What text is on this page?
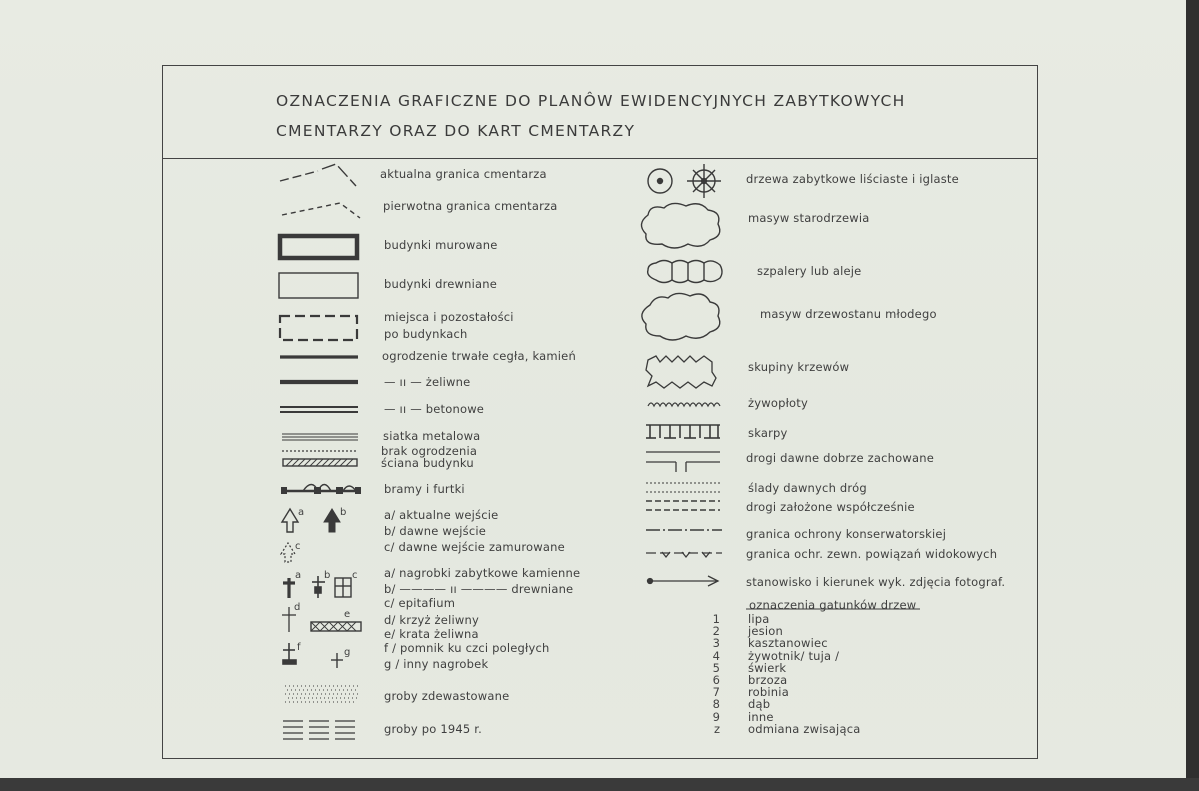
OZNACZENIA GRAFICZNE DO PLANÔW EWIDENCYJNYCH ZABYTKOWYCH
CMENTARZY ORAZ DO KART CMENTARZY
a	b
c
a b c
d
e
f	g
aktualna granica cmentarza
pierwotna granica cmentarza
budynki murowane
budynki drewniane
miejsca i pozostałości
po budynkach
ogrodzenie trwałe cegła, kamień
— ıı — żeliwne
— ıı — betonowe
siatka metalowa
brak ogrodzenia
ściana budynku
bramy i furtki
a/ aktualne wejście
b/ dawne wejście
c/ dawne wejście zamurowane
a/ nagrobki zabytkowe kamienne
b/ ———— ıı ———— drewniane
c/ epitafium
d/ krzyż żeliwny
e/ krata żeliwna
f / pomnik ku czci poległych
g / inny nagrobek
groby zdewastowane
groby po 1945 r.
drzewa zabytkowe liściaste i iglaste
masyw starodrzewia
szpalery lub aleje
masyw drzewostanu młodego
skupiny krzewów
żywopłoty
skarpy
drogi dawne dobrze zachowane
ślady dawnych dróg
drogi założone współcześnie
granica ochrony konserwatorskiej
granica ochr. zewn. powiązań widokowych
stanowisko i kierunek wyk. zdjęcia fotograf.
oznaczenia gatunków drzew
1 lipa
2 jesion
3 kasztanowiec
4 żywotnik/ tuja /
5 świerk
6 brzoza
7 robinia
8 dąb
9 inne
z odmiana zwisająca
